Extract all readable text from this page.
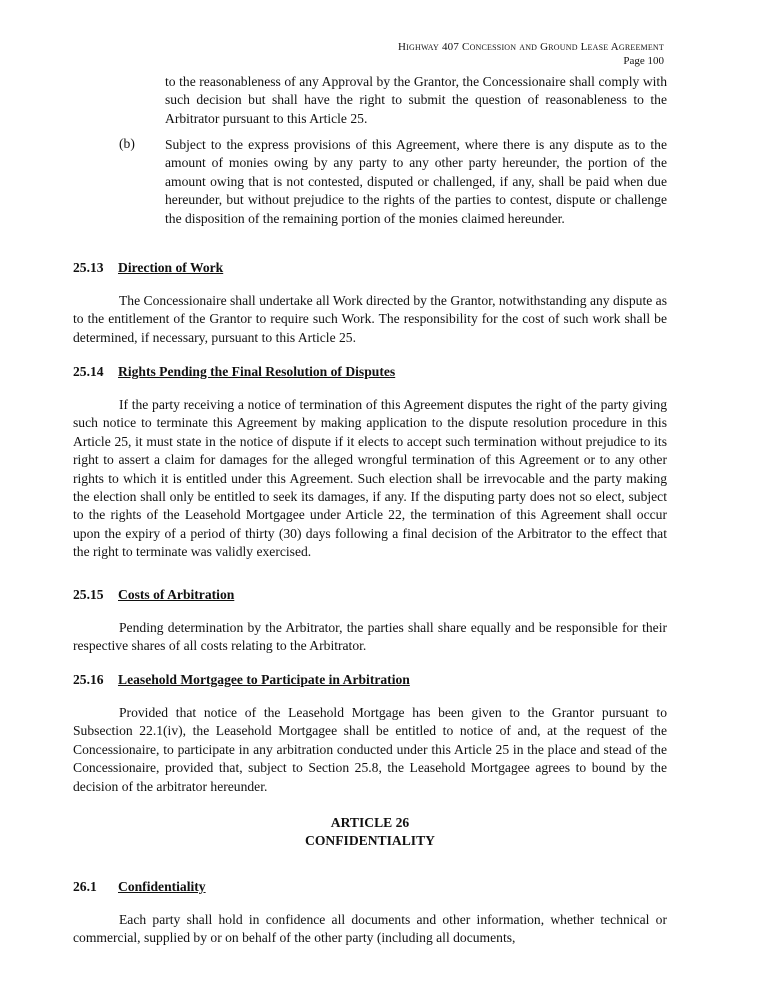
Highway 407 Concession and Ground Lease Agreement
Page 100

to the reasonableness of any Approval by the Grantor, the Concessionaire shall comply with such decision but shall have the right to submit the question of reasonableness to the Arbitrator pursuant to this Article 25.

(b) Subject to the express provisions of this Agreement, where there is any dispute as to the amount of monies owing by any party to any other party hereunder, the portion of the amount owing that is not contested, disputed or challenged, if any, shall be paid when due hereunder, but without prejudice to the rights of the parties to contest, dispute or challenge the disposition of the remaining portion of the monies claimed hereunder.

25.13 Direction of Work

The Concessionaire shall undertake all Work directed by the Grantor, notwithstanding any dispute as to the entitlement of the Grantor to require such Work. The responsibility for the cost of such work shall be determined, if necessary, pursuant to this Article 25.

25.14 Rights Pending the Final Resolution of Disputes

If the party receiving a notice of termination of this Agreement disputes the right of the party giving such notice to terminate this Agreement by making application to the dispute resolution procedure in this Article 25, it must state in the notice of dispute if it elects to accept such termination without prejudice to its right to assert a claim for damages for the alleged wrongful termination of this Agreement or to any other rights to which it is entitled under this Agreement. Such election shall be irrevocable and the party making the election shall only be entitled to seek its damages, if any. If the disputing party does not so elect, subject to the rights of the Leasehold Mortgagee under Article 22, the termination of this Agreement shall occur upon the expiry of a period of thirty (30) days following a final decision of the Arbitrator to the effect that the right to terminate was validly exercised.

25.15 Costs of Arbitration

Pending determination by the Arbitrator, the parties shall share equally and be responsible for their respective shares of all costs relating to the Arbitrator.

25.16 Leasehold Mortgagee to Participate in Arbitration

Provided that notice of the Leasehold Mortgage has been given to the Grantor pursuant to Subsection 22.1(iv), the Leasehold Mortgagee shall be entitled to notice of and, at the request of the Concessionaire, to participate in any arbitration conducted under this Article 25 in the place and stead of the Concessionaire, provided that, subject to Section 25.8, the Leasehold Mortgagee agrees to bound by the decision of the arbitrator hereunder.

ARTICLE 26
CONFIDENTIALITY
26.1 Confidentiality

Each party shall hold in confidence all documents and other information, whether technical or commercial, supplied by or on behalf of the other party (including all documents,
